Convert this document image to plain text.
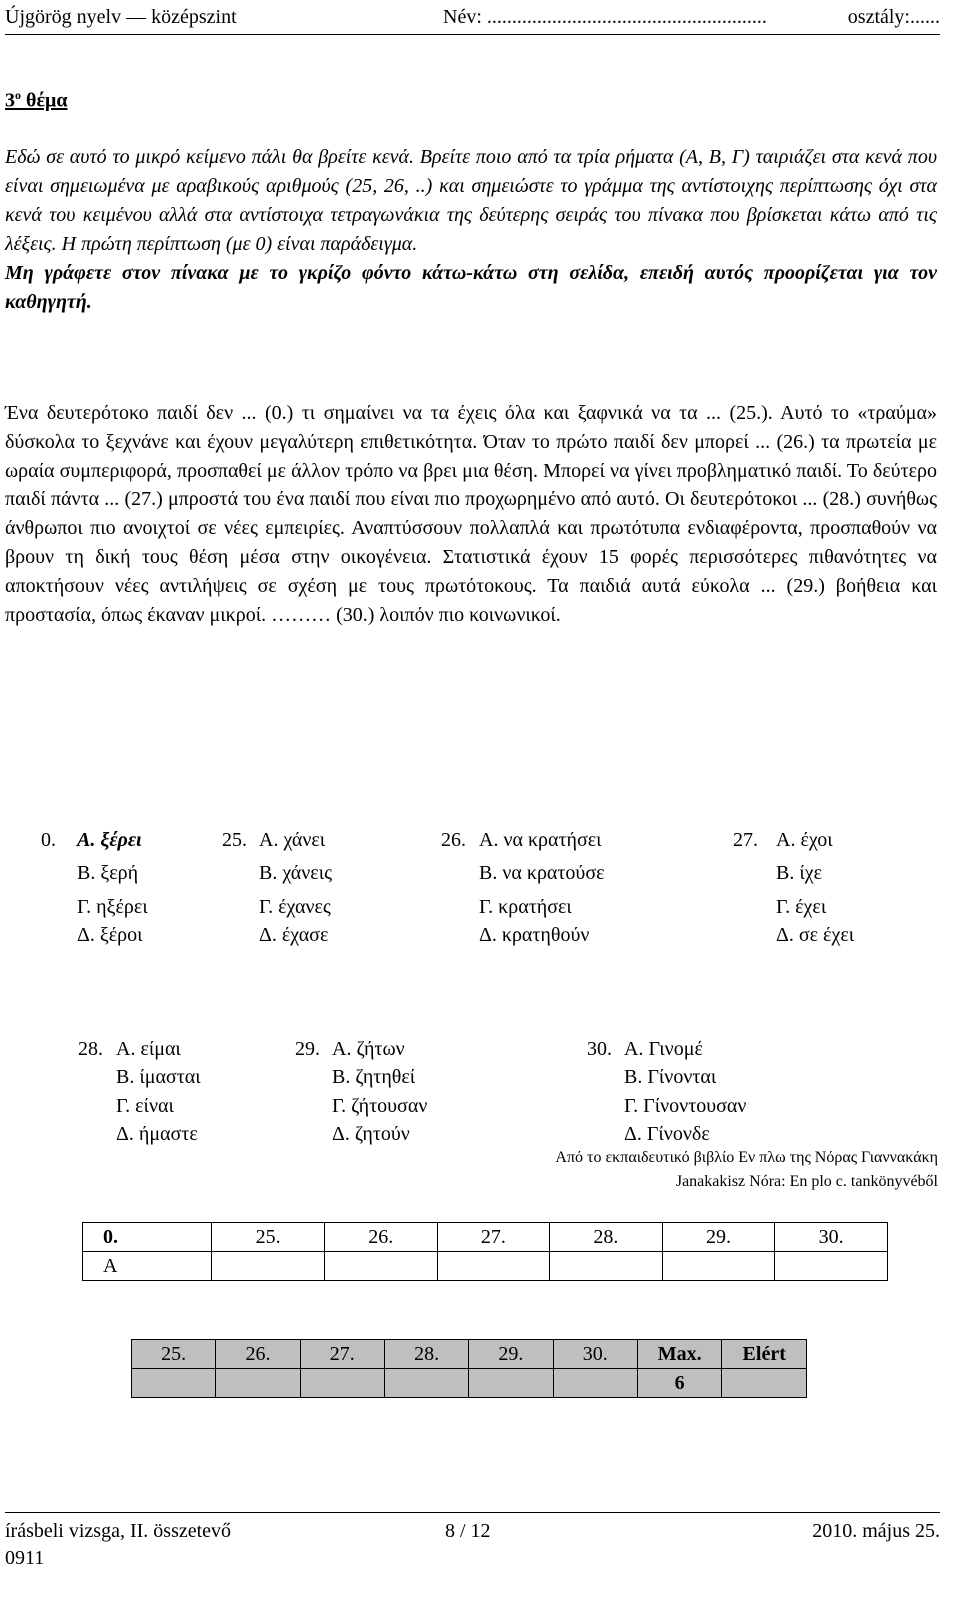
Újgörög nyelv — középszint	Név: ........................................................	osztály:......
3$^o$ θέμα
Εδώ σε αυτό το μικρό κείμενο πάλι θα βρείτε κενά. Βρείτε ποιο από τα τρία ρήματα (Α, Β, Γ) ταιριάζει στα κενά που είναι σημειωμένα με αραβικούς αριθμούς (25, 26, ..) και σημειώστε το γράμμα της αντίστοιχης περίπτωσης όχι στα κενά του κειμένου αλλά στα αντίστοιχα τετραγωνάκια της δεύτερης σειράς του πίνακα που βρίσκεται κάτω από τις λέξεις. Η πρώτη περίπτωση (με 0) είναι παράδειγμα.
Μη γράφετε στον πίνακα με το γκρίζο φόντο κάτω-κάτω στη σελίδα, επειδή αυτός προορίζεται για τον καθηγητή.
Ένα δευτερότοκο παιδί δεν ... (0.) τι σημαίνει να τα έχεις όλα και ξαφνικά να τα ... (25.). Αυτό το «τραύμα» δύσκολα το ξεχνάνε και έχουν μεγαλύτερη επιθετικότητα. Όταν το πρώτο παιδί δεν μπορεί ... (26.) τα πρωτεία με ωραία συμπεριφορά, προσπαθεί με άλλον τρόπο να βρει μια θέση. Μπορεί να γίνει προβληματικό παιδί. Το δεύτερο παιδί πάντα ... (27.) μπροστά του ένα παιδί που είναι πιο προχωρημένο από αυτό. Οι δευτερότοκοι ... (28.) συνήθως άνθρωποι πιο ανοιχτοί σε νέες εμπειρίες. Αναπτύσσουν πολλαπλά και πρωτότυπα ενδιαφέροντα, προσπαθούν να βρουν τη δική τους θέση μέσα στην οικογένεια. Στατιστικά έχουν 15 φορές περισσότερες πιθανότητες να αποκτήσουν νέες αντιλήψεις σε σχέση με τους πρωτότοκους. Τα παιδιά αυτά εύκολα ... (29.) βοήθεια και προστασία, όπως έκαναν μικροί. ……… (30.) λοιπόν πιο κοινωνικοί.
0. Α. ξέρει
Β. ξερή
Γ. ηξέρει
Δ. ξέροι
25. Α. χάνει
Β. χάνεις
Γ. έχανες
Δ. έχασε
26. Α. να κρατήσει
Β. να κρατούσε
Γ. κρατήσει
Δ. κρατηθούν
27. Α. έχοι
Β. ίχε
Γ. έχει
Δ. σε έχει
28. Α. είμαι
Β. ίμασται
Γ. είναι
Δ. ήμαστε
29. Α. ζήτων
Β. ζητηθεί
Γ. ζήτουσαν
Δ. ζητούν
30. Α. Γινομέ
Β. Γίνονται
Γ. Γίνοντουσαν
Δ. Γίνονδε
Από το εκπαιδευτικό βιβλίο Εν πλω της Νόρας Γιαννακάκη
Janakakisz Nóra: En plo c. tankönyvéből
0.	25.	26.	27.	28.	29.	30.
A						
25.	26.	27.	28.	29.	30.	Max.	Elért
						6	
írásbeli vizsga, II. összetevő	8 / 12	2010. május 25.
0911
